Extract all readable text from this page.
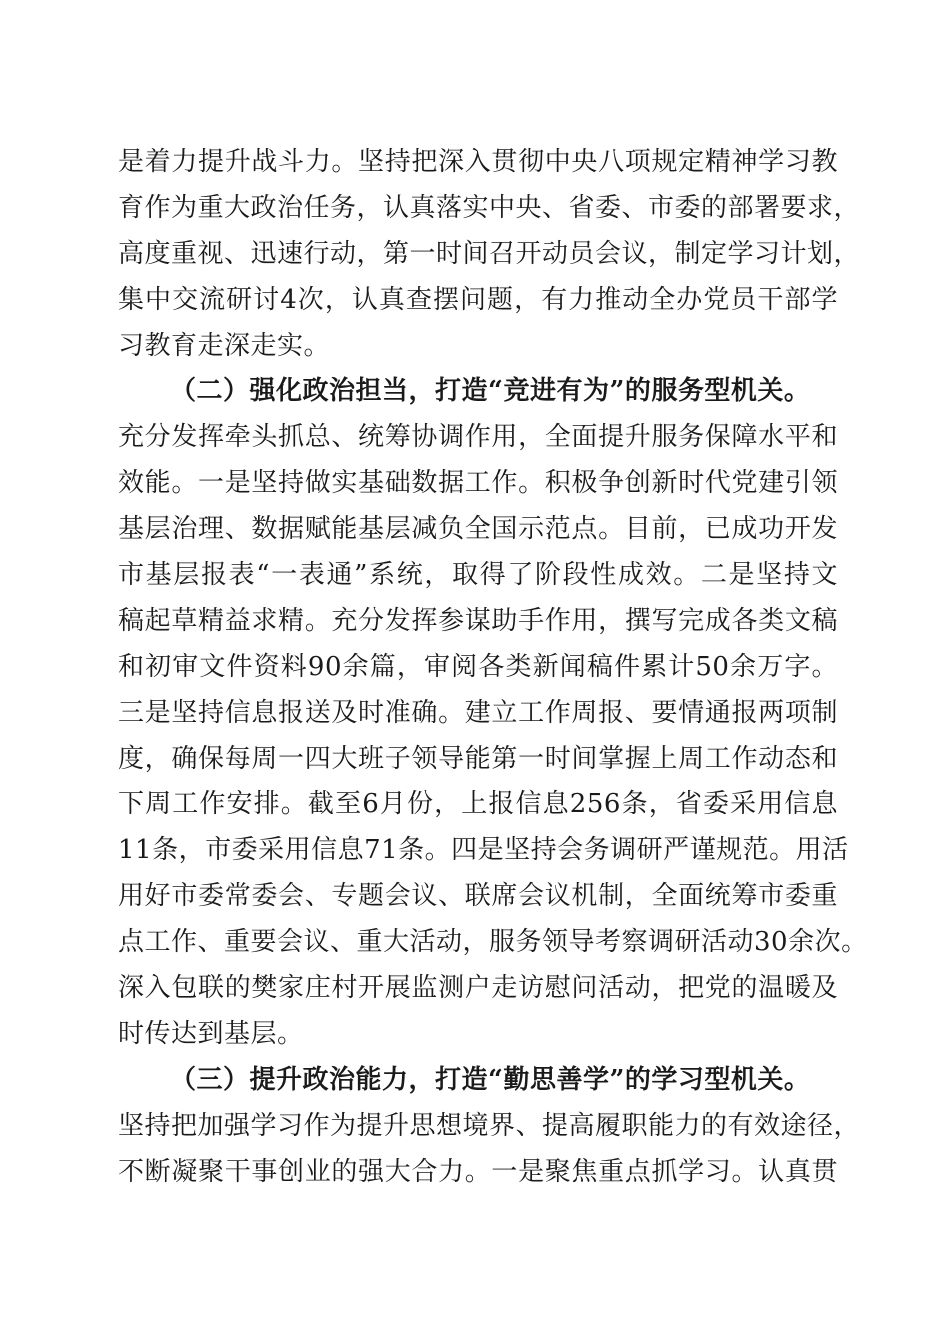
是着力提升战斗力。坚持把深入贯彻中央八项规定精神学习教
育作为重大政治任务，认真落实中央、省委、市委的部署要求，
高度重视、迅速行动，第一时间召开动员会议，制定学习计划，
集中交流研讨4次，认真查摆问题，有力推动全办党员干部学
习教育走深走实。
（二）强化政治担当，打造“竞进有为”的服务型机关。
充分发挥牵头抓总、统筹协调作用，全面提升服务保障水平和
效能。一是坚持做实基础数据工作。积极争创新时代党建引领
基层治理、数据赋能基层减负全国示范点。目前，已成功开发
市基层报表“一表通”系统，取得了阶段性成效。二是坚持文
稿起草精益求精。充分发挥参谋助手作用，撰写完成各类文稿
和初审文件资料90余篇，审阅各类新闻稿件累计50余万字。
三是坚持信息报送及时准确。建立工作周报、要情通报两项制
度，确保每周一四大班子领导能第一时间掌握上周工作动态和
下周工作安排。截至6月份，上报信息256条，省委采用信息
11条，市委采用信息71条。四是坚持会务调研严谨规范。用活
用好市委常委会、专题会议、联席会议机制，全面统筹市委重
点工作、重要会议、重大活动，服务领导考察调研活动30余次。
深入包联的樊家庄村开展监测户走访慰问活动，把党的温暖及
时传达到基层。
（三）提升政治能力，打造“勤思善学”的学习型机关。
坚持把加强学习作为提升思想境界、提高履职能力的有效途径，
不断凝聚干事创业的强大合力。一是聚焦重点抓学习。认真贯
